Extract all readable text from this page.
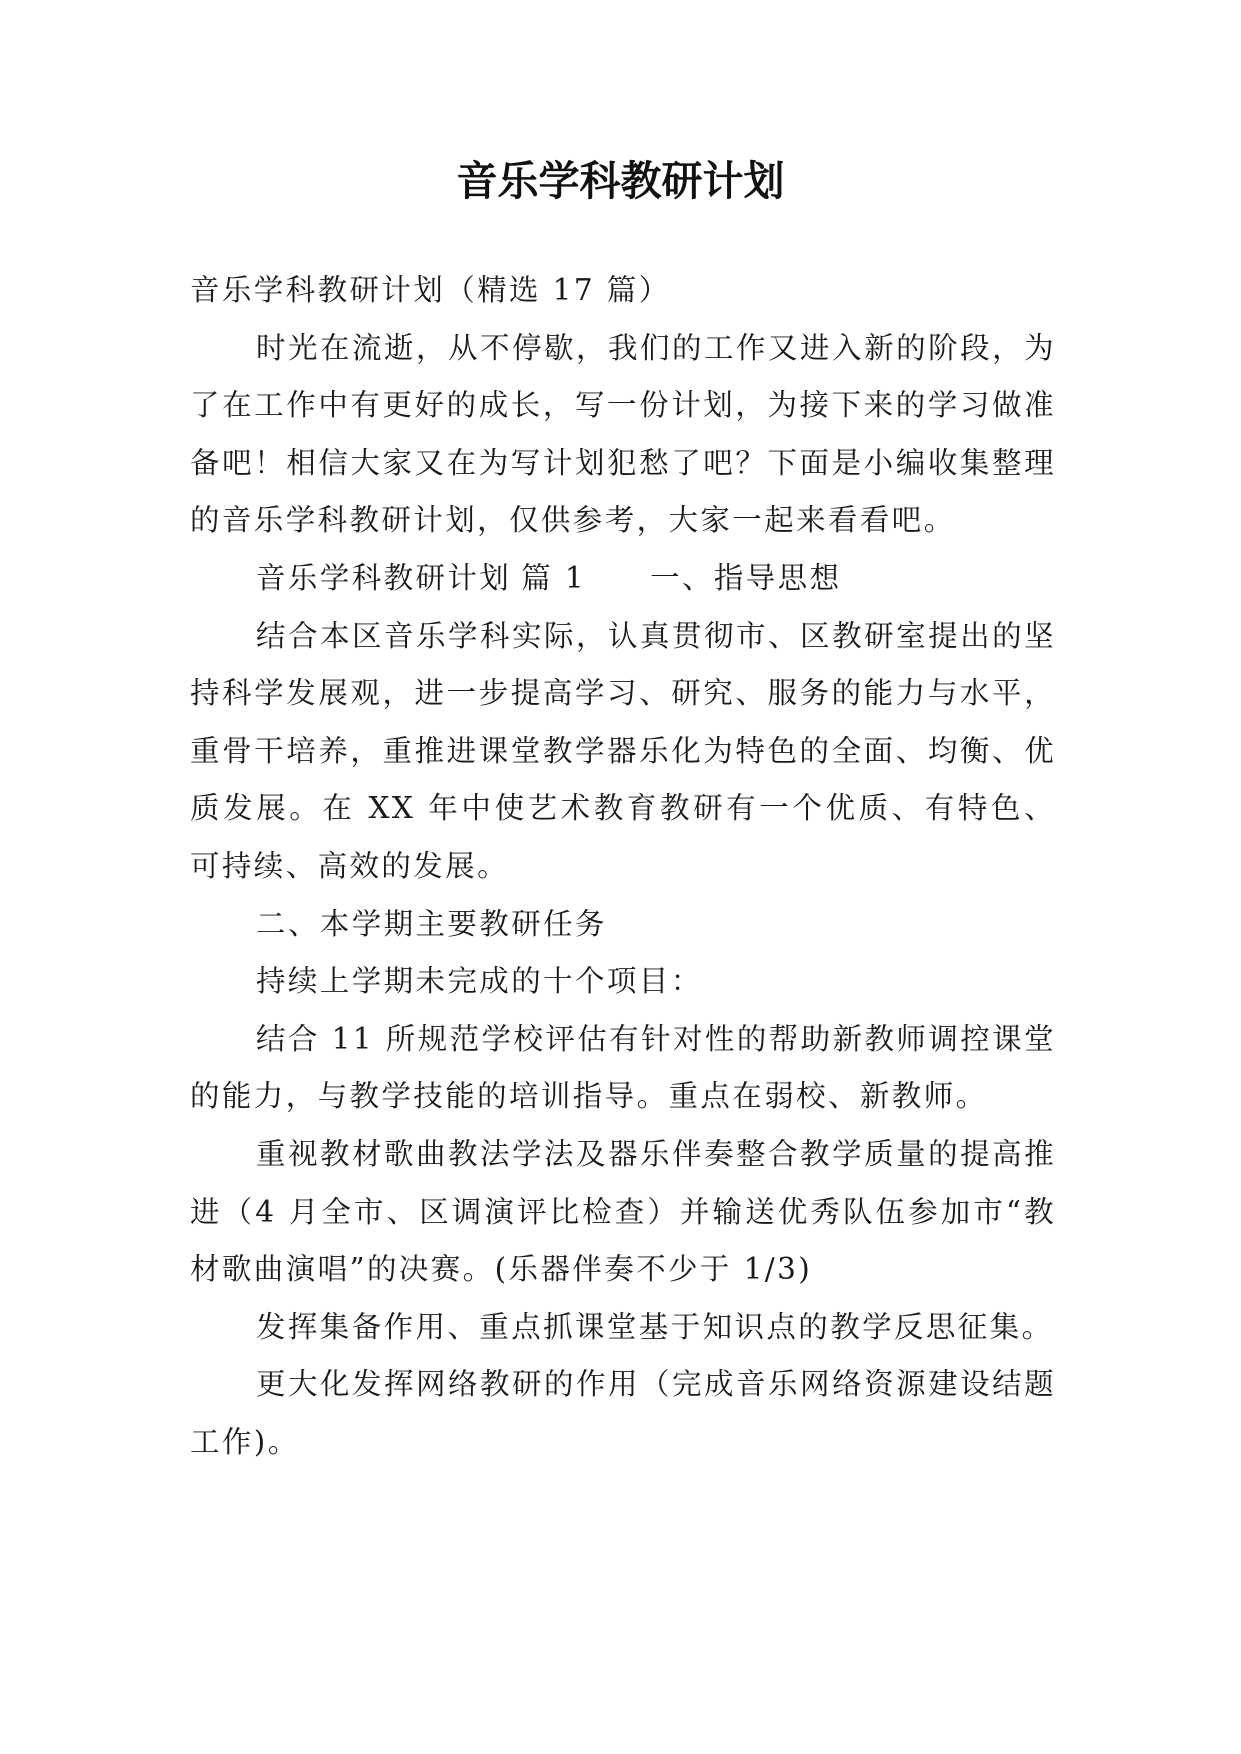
音乐学科教研计划

音乐学科教研计划（精选 17 篇）

时光在流逝，从不停歇，我们的工作又进入新的阶段，为了在工作中有更好的成长，写一份计划，为接下来的学习做准备吧！相信大家又在为写计划犯愁了吧？下面是小编收集整理的音乐学科教研计划，仅供参考，大家一起来看看吧。

音乐学科教研计划 篇 1 一、指导思想

结合本区音乐学科实际，认真贯彻市、区教研室提出的坚持科学发展观，进一步提高学习、研究、服务的能力与水平，重骨干培养，重推进课堂教学器乐化为特色的全面、均衡、优质发展。在 XX 年中使艺术教育教研有一个优质、有特色、可持续、高效的发展。

二、本学期主要教研任务

持续上学期未完成的十个项目：

结合 11 所规范学校评估有针对性的帮助新教师调控课堂的能力，与教学技能的培训指导。重点在弱校、新教师。

重视教材歌曲教法学法及器乐伴奏整合教学质量的提高推进（4 月全市、区调演评比检查）并输送优秀队伍参加市“教材歌曲演唱”的决赛。(乐器伴奏不少于 1/3)

发挥集备作用、重点抓课堂基于知识点的教学反思征集。

更大化发挥网络教研的作用（完成音乐网络资源建设结题工作)。
